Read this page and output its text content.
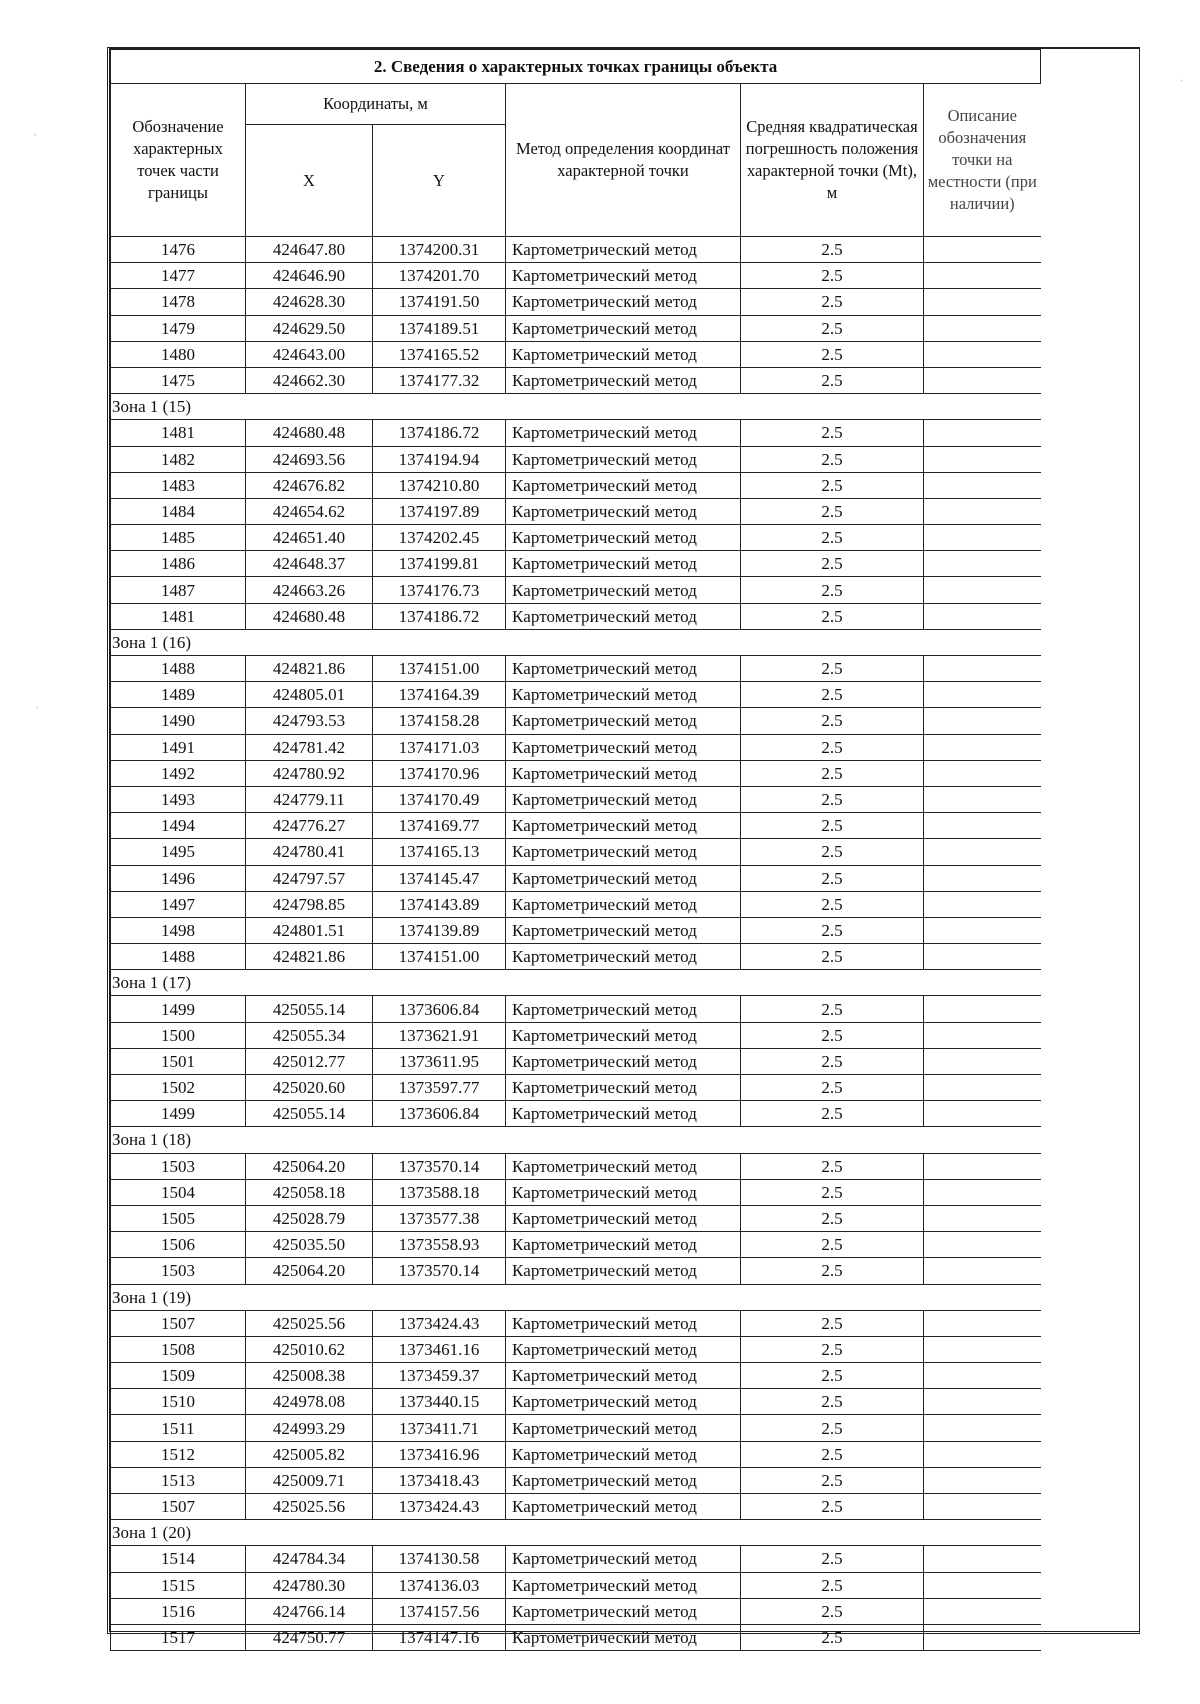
2. Сведения о характерных точках границы объекта					
Обозначение характерных точек части границы	Координаты, м		Метод определения координат характерной точки	Средняя квадратическая погрешность положения характерной точки (Mt), м	Описание обозначения точки на местности (при наличии)
	X	Y			
1476	424647.80	1374200.31	Картометрический метод	2.5	
1477	424646.90	1374201.70	Картометрический метод	2.5	
1478	424628.30	1374191.50	Картометрический метод	2.5	
1479	424629.50	1374189.51	Картометрический метод	2.5	
1480	424643.00	1374165.52	Картометрический метод	2.5	
1475	424662.30	1374177.32	Картометрический метод	2.5	
Зона 1 (15)					
1481	424680.48	1374186.72	Картометрический метод	2.5	
1482	424693.56	1374194.94	Картометрический метод	2.5	
1483	424676.82	1374210.80	Картометрический метод	2.5	
1484	424654.62	1374197.89	Картометрический метод	2.5	
1485	424651.40	1374202.45	Картометрический метод	2.5	
1486	424648.37	1374199.81	Картометрический метод	2.5	
1487	424663.26	1374176.73	Картометрический метод	2.5	
1481	424680.48	1374186.72	Картометрический метод	2.5	
Зона 1 (16)					
1488	424821.86	1374151.00	Картометрический метод	2.5	
1489	424805.01	1374164.39	Картометрический метод	2.5	
1490	424793.53	1374158.28	Картометрический метод	2.5	
1491	424781.42	1374171.03	Картометрический метод	2.5	
1492	424780.92	1374170.96	Картометрический метод	2.5	
1493	424779.11	1374170.49	Картометрический метод	2.5	
1494	424776.27	1374169.77	Картометрический метод	2.5	
1495	424780.41	1374165.13	Картометрический метод	2.5	
1496	424797.57	1374145.47	Картометрический метод	2.5	
1497	424798.85	1374143.89	Картометрический метод	2.5	
1498	424801.51	1374139.89	Картометрический метод	2.5	
1488	424821.86	1374151.00	Картометрический метод	2.5	
Зона 1 (17)					
1499	425055.14	1373606.84	Картометрический метод	2.5	
1500	425055.34	1373621.91	Картометрический метод	2.5	
1501	425012.77	1373611.95	Картометрический метод	2.5	
1502	425020.60	1373597.77	Картометрический метод	2.5	
1499	425055.14	1373606.84	Картометрический метод	2.5	
Зона 1 (18)					
1503	425064.20	1373570.14	Картометрический метод	2.5	
1504	425058.18	1373588.18	Картометрический метод	2.5	
1505	425028.79	1373577.38	Картометрический метод	2.5	
1506	425035.50	1373558.93	Картометрический метод	2.5	
1503	425064.20	1373570.14	Картометрический метод	2.5	
Зона 1 (19)					
1507	425025.56	1373424.43	Картометрический метод	2.5	
1508	425010.62	1373461.16	Картометрический метод	2.5	
1509	425008.38	1373459.37	Картометрический метод	2.5	
1510	424978.08	1373440.15	Картометрический метод	2.5	
1511	424993.29	1373411.71	Картометрический метод	2.5	
1512	425005.82	1373416.96	Картометрический метод	2.5	
1513	425009.71	1373418.43	Картометрический метод	2.5	
1507	425025.56	1373424.43	Картометрический метод	2.5	
Зона 1 (20)					
1514	424784.34	1374130.58	Картометрический метод	2.5	
1515	424780.30	1374136.03	Картометрический метод	2.5	
1516	424766.14	1374157.56	Картометрический метод	2.5	
1517	424750.77	1374147.16	Картометрический метод	2.5	
'
.
·
